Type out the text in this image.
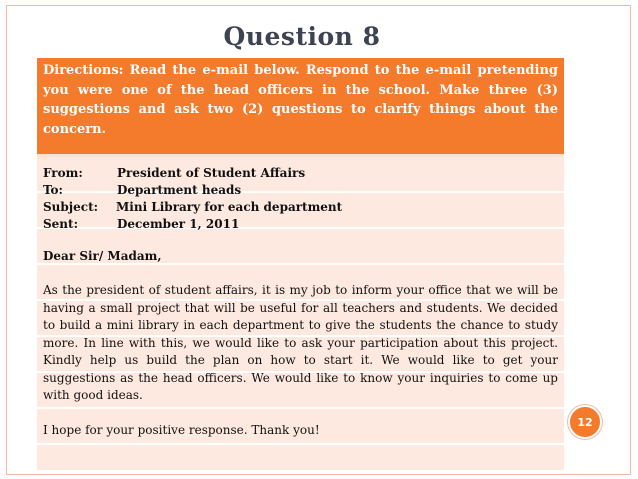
Question 8
Directions: Read the e-mail below. Respond to the e-mail pretending you were one of the head officers in the school. Make three (3) suggestions and ask two (2) questions to clarify things about the concern.
From:	President of Student Affairs
To:	Department heads
Subject: Mini Library for each department
Sent:	December 1, 2011
Dear Sir/ Madam,
As the president of student affairs, it is my job to inform your office that we will be having a small project that will be useful for all teachers and students. We decided to build a mini library in each department to give the students the chance to study more. In line with this, we would like to ask your participation about this project. Kindly help us build the plan on how to start it. We would like to get your suggestions as the head officers. We would like to know your inquiries to come up with good ideas.
I hope for your positive response. Thank you!
12
